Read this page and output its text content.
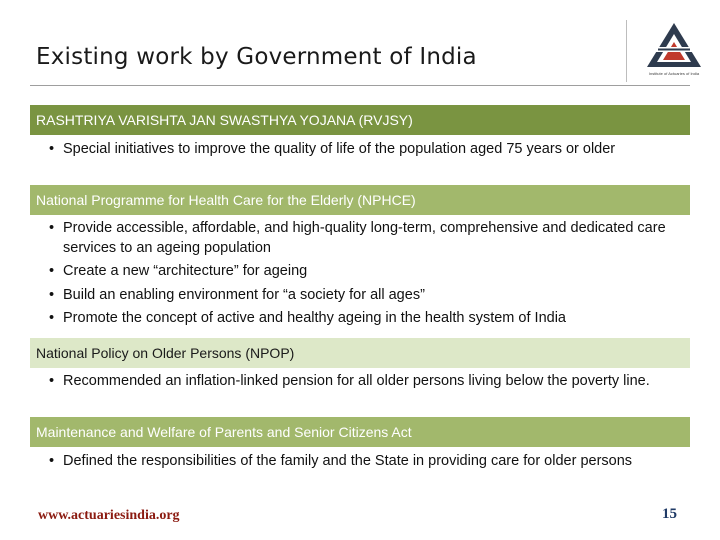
Existing work by Government of India
Institute of Actuaries of India
RASHTRIYA VARISHTA JAN SWASTHYA YOJANA (RVJSY)
• Special initiatives to improve the quality of life of the population aged 75 years or older
National Programme for Health Care for the Elderly (NPHCE)
• Provide accessible, affordable, and high-quality long-term, comprehensive and dedicated care services to an ageing population
• Create a new “architecture” for ageing
• Build an enabling environment for “a society for all ages”
• Promote the concept of active and healthy ageing in the health system of India
National Policy on Older Persons (NPOP)
• Recommended an inflation-linked pension for all older persons living below the poverty line.
Maintenance and Welfare of Parents and Senior Citizens Act
• Defined the responsibilities of the family and the State in providing care for older persons
www.actuariesindia.org	15
